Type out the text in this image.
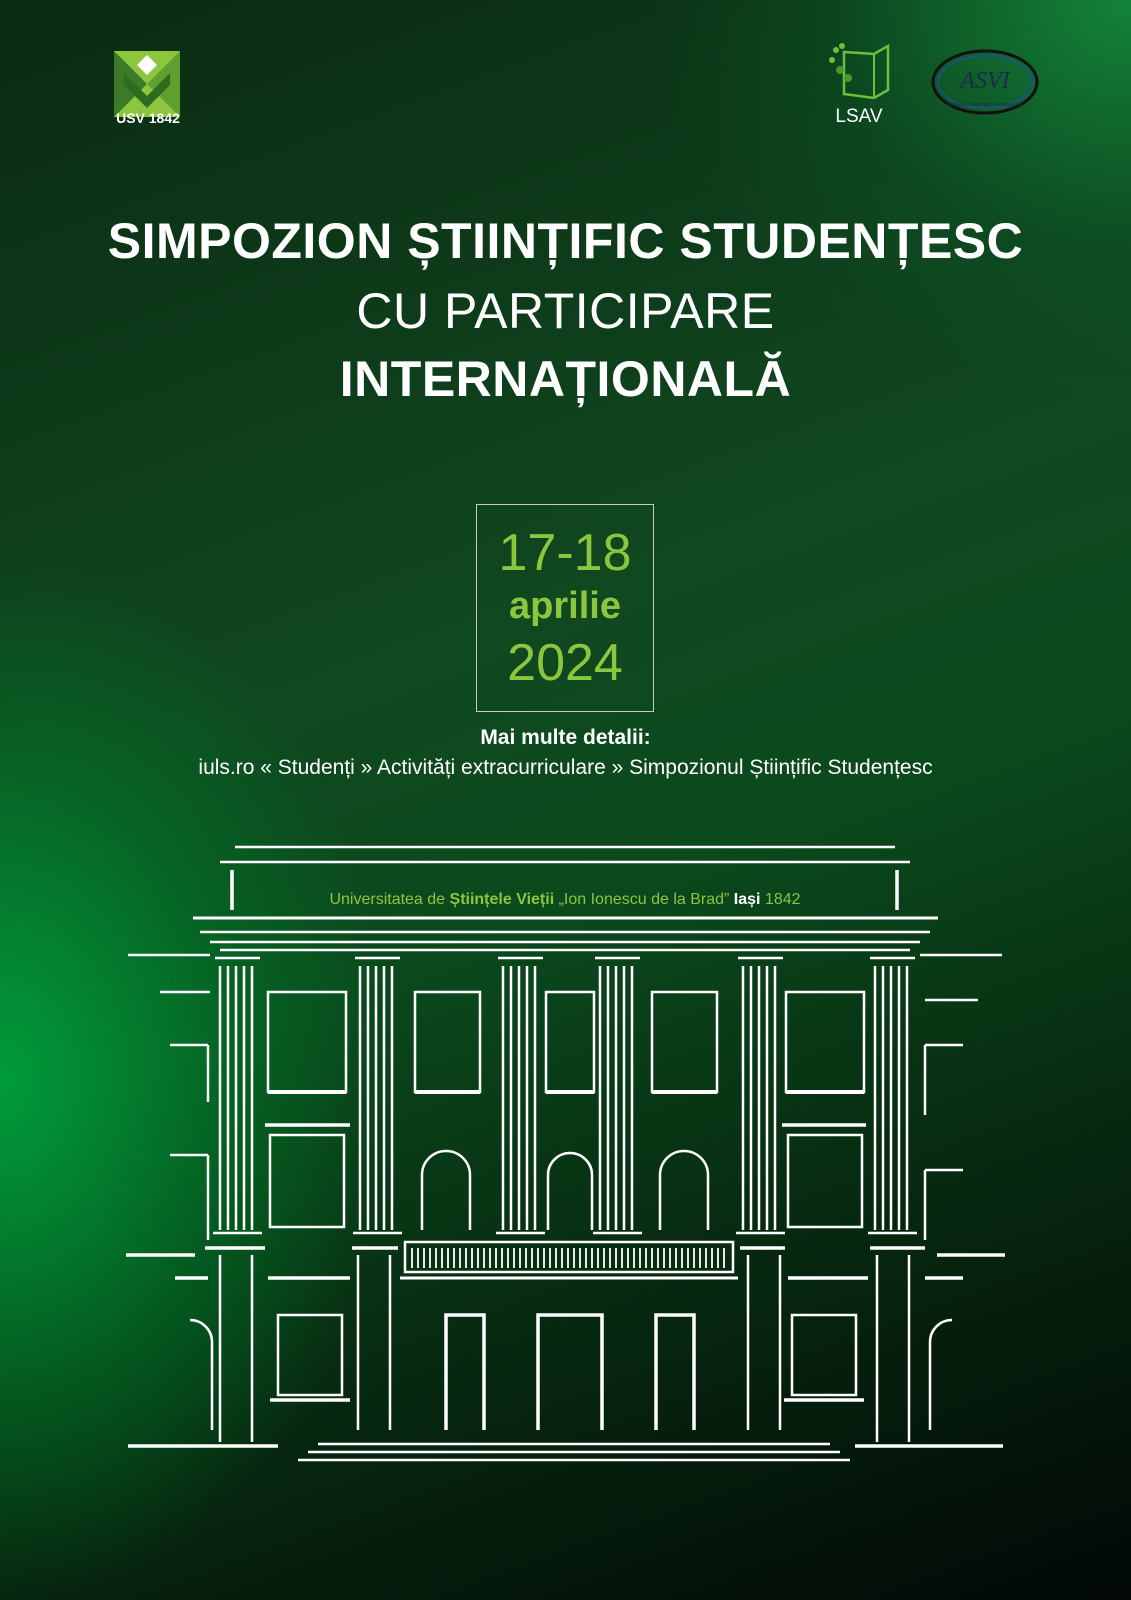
USV 1842	LSAV
ASVI
Asociația Studenților Veterinari Iași
SIMPOZION ȘTIINȚIFIC STUDENȚESC
CU PARTICIPARE
INTERNAȚIONALĂ
17-18
aprilie
2024
Mai multe detalii:
iuls.ro « Studenți » Activități extracurriculare » Simpozionul Științific Studențesc
Universitatea de Științele Vieții „Ion Ionescu de la Brad” Iași 1842
